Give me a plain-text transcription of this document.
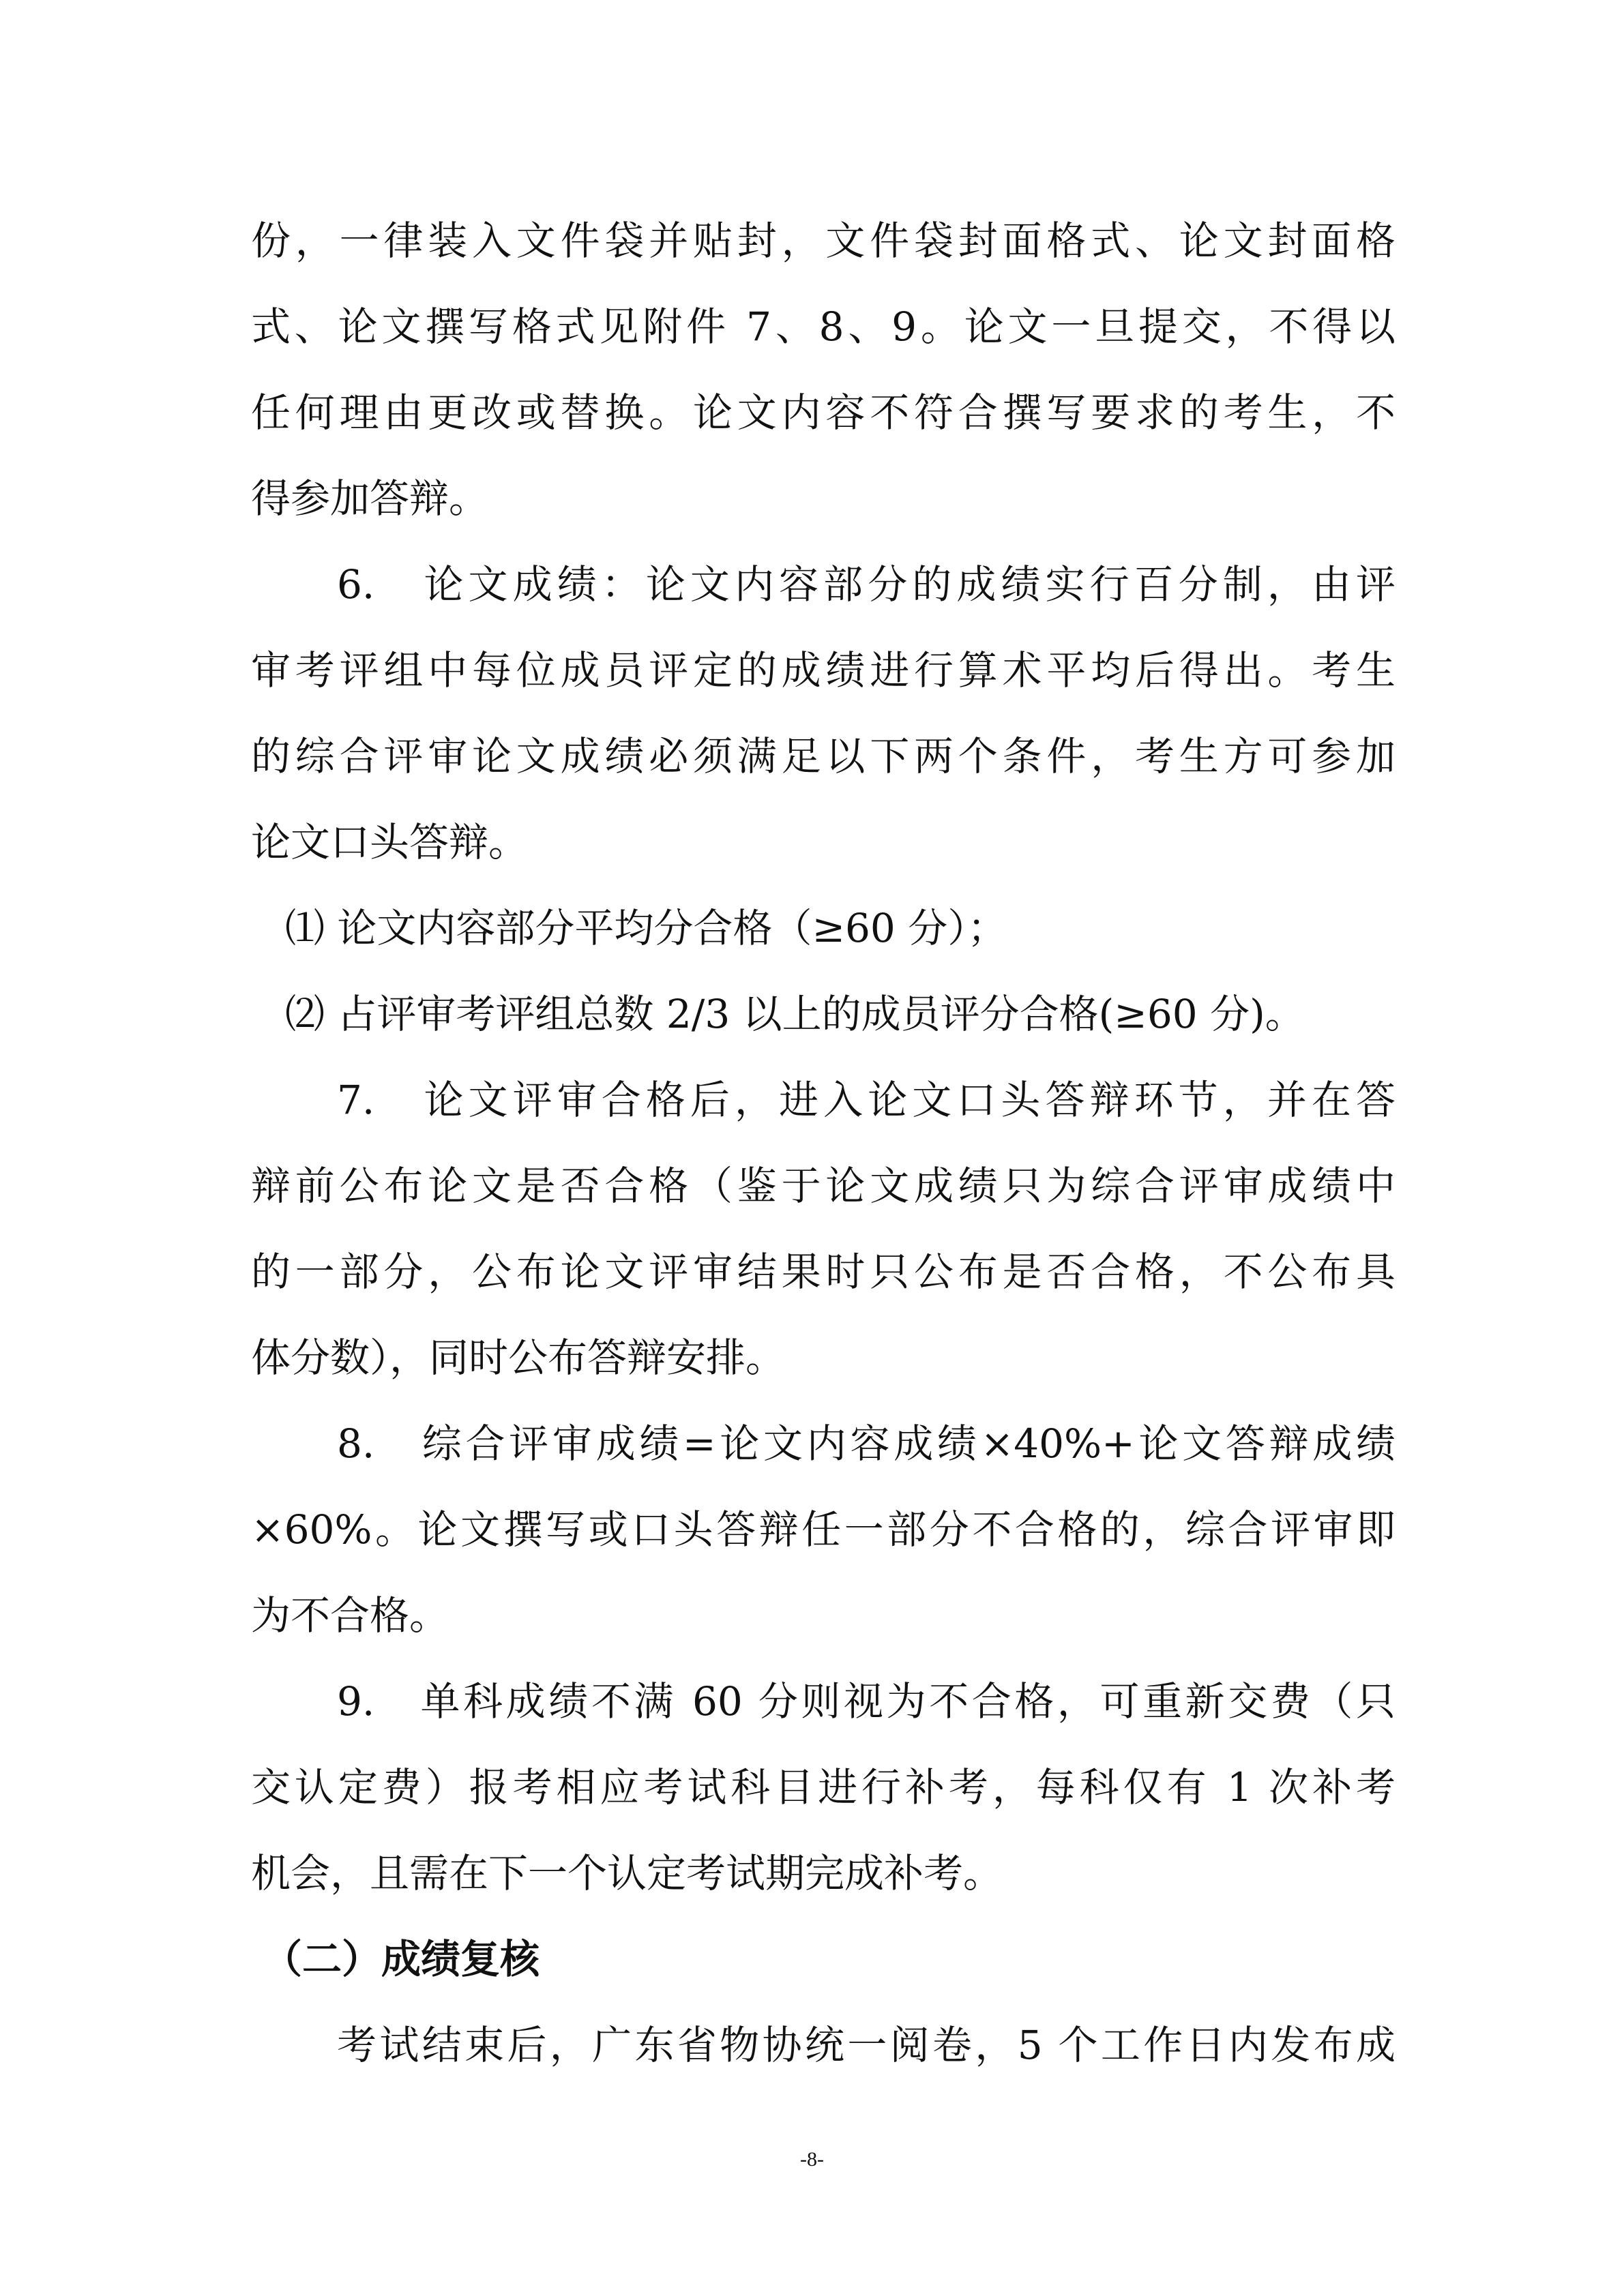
份，一律装入文件袋并贴封，文件袋封面格式、论文封面格
式、论文撰写格式见附件 7、8、9。论文一旦提交，不得以
任何理由更改或替换。论文内容不符合撰写要求的考生，不
得参加答辩。
6.　论文成绩：论文内容部分的成绩实行百分制，由评
审考评组中每位成员评定的成绩进行算术平均后得出。考生
的综合评审论文成绩必须满足以下两个条件，考生方可参加
论文口头答辩。
⑴ 论文内容部分平均分合格（≥60 分）；
⑵ 占评审考评组总数 2/3 以上的成员评分合格(≥60 分)。
7.　论文评审合格后，进入论文口头答辩环节，并在答
辩前公布论文是否合格（鉴于论文成绩只为综合评审成绩中
的一部分，公布论文评审结果时只公布是否合格，不公布具
体分数），同时公布答辩安排。
8.　综合评审成绩=论文内容成绩×40%+论文答辩成绩
×60%。论文撰写或口头答辩任一部分不合格的，综合评审即
为不合格。
9.　单科成绩不满 60 分则视为不合格，可重新交费（只
交认定费）报考相应考试科目进行补考，每科仅有 1 次补考
机会，且需在下一个认定考试期完成补考。
（二）成绩复核
考试结束后，广东省物协统一阅卷，5 个工作日内发布成
-8-
